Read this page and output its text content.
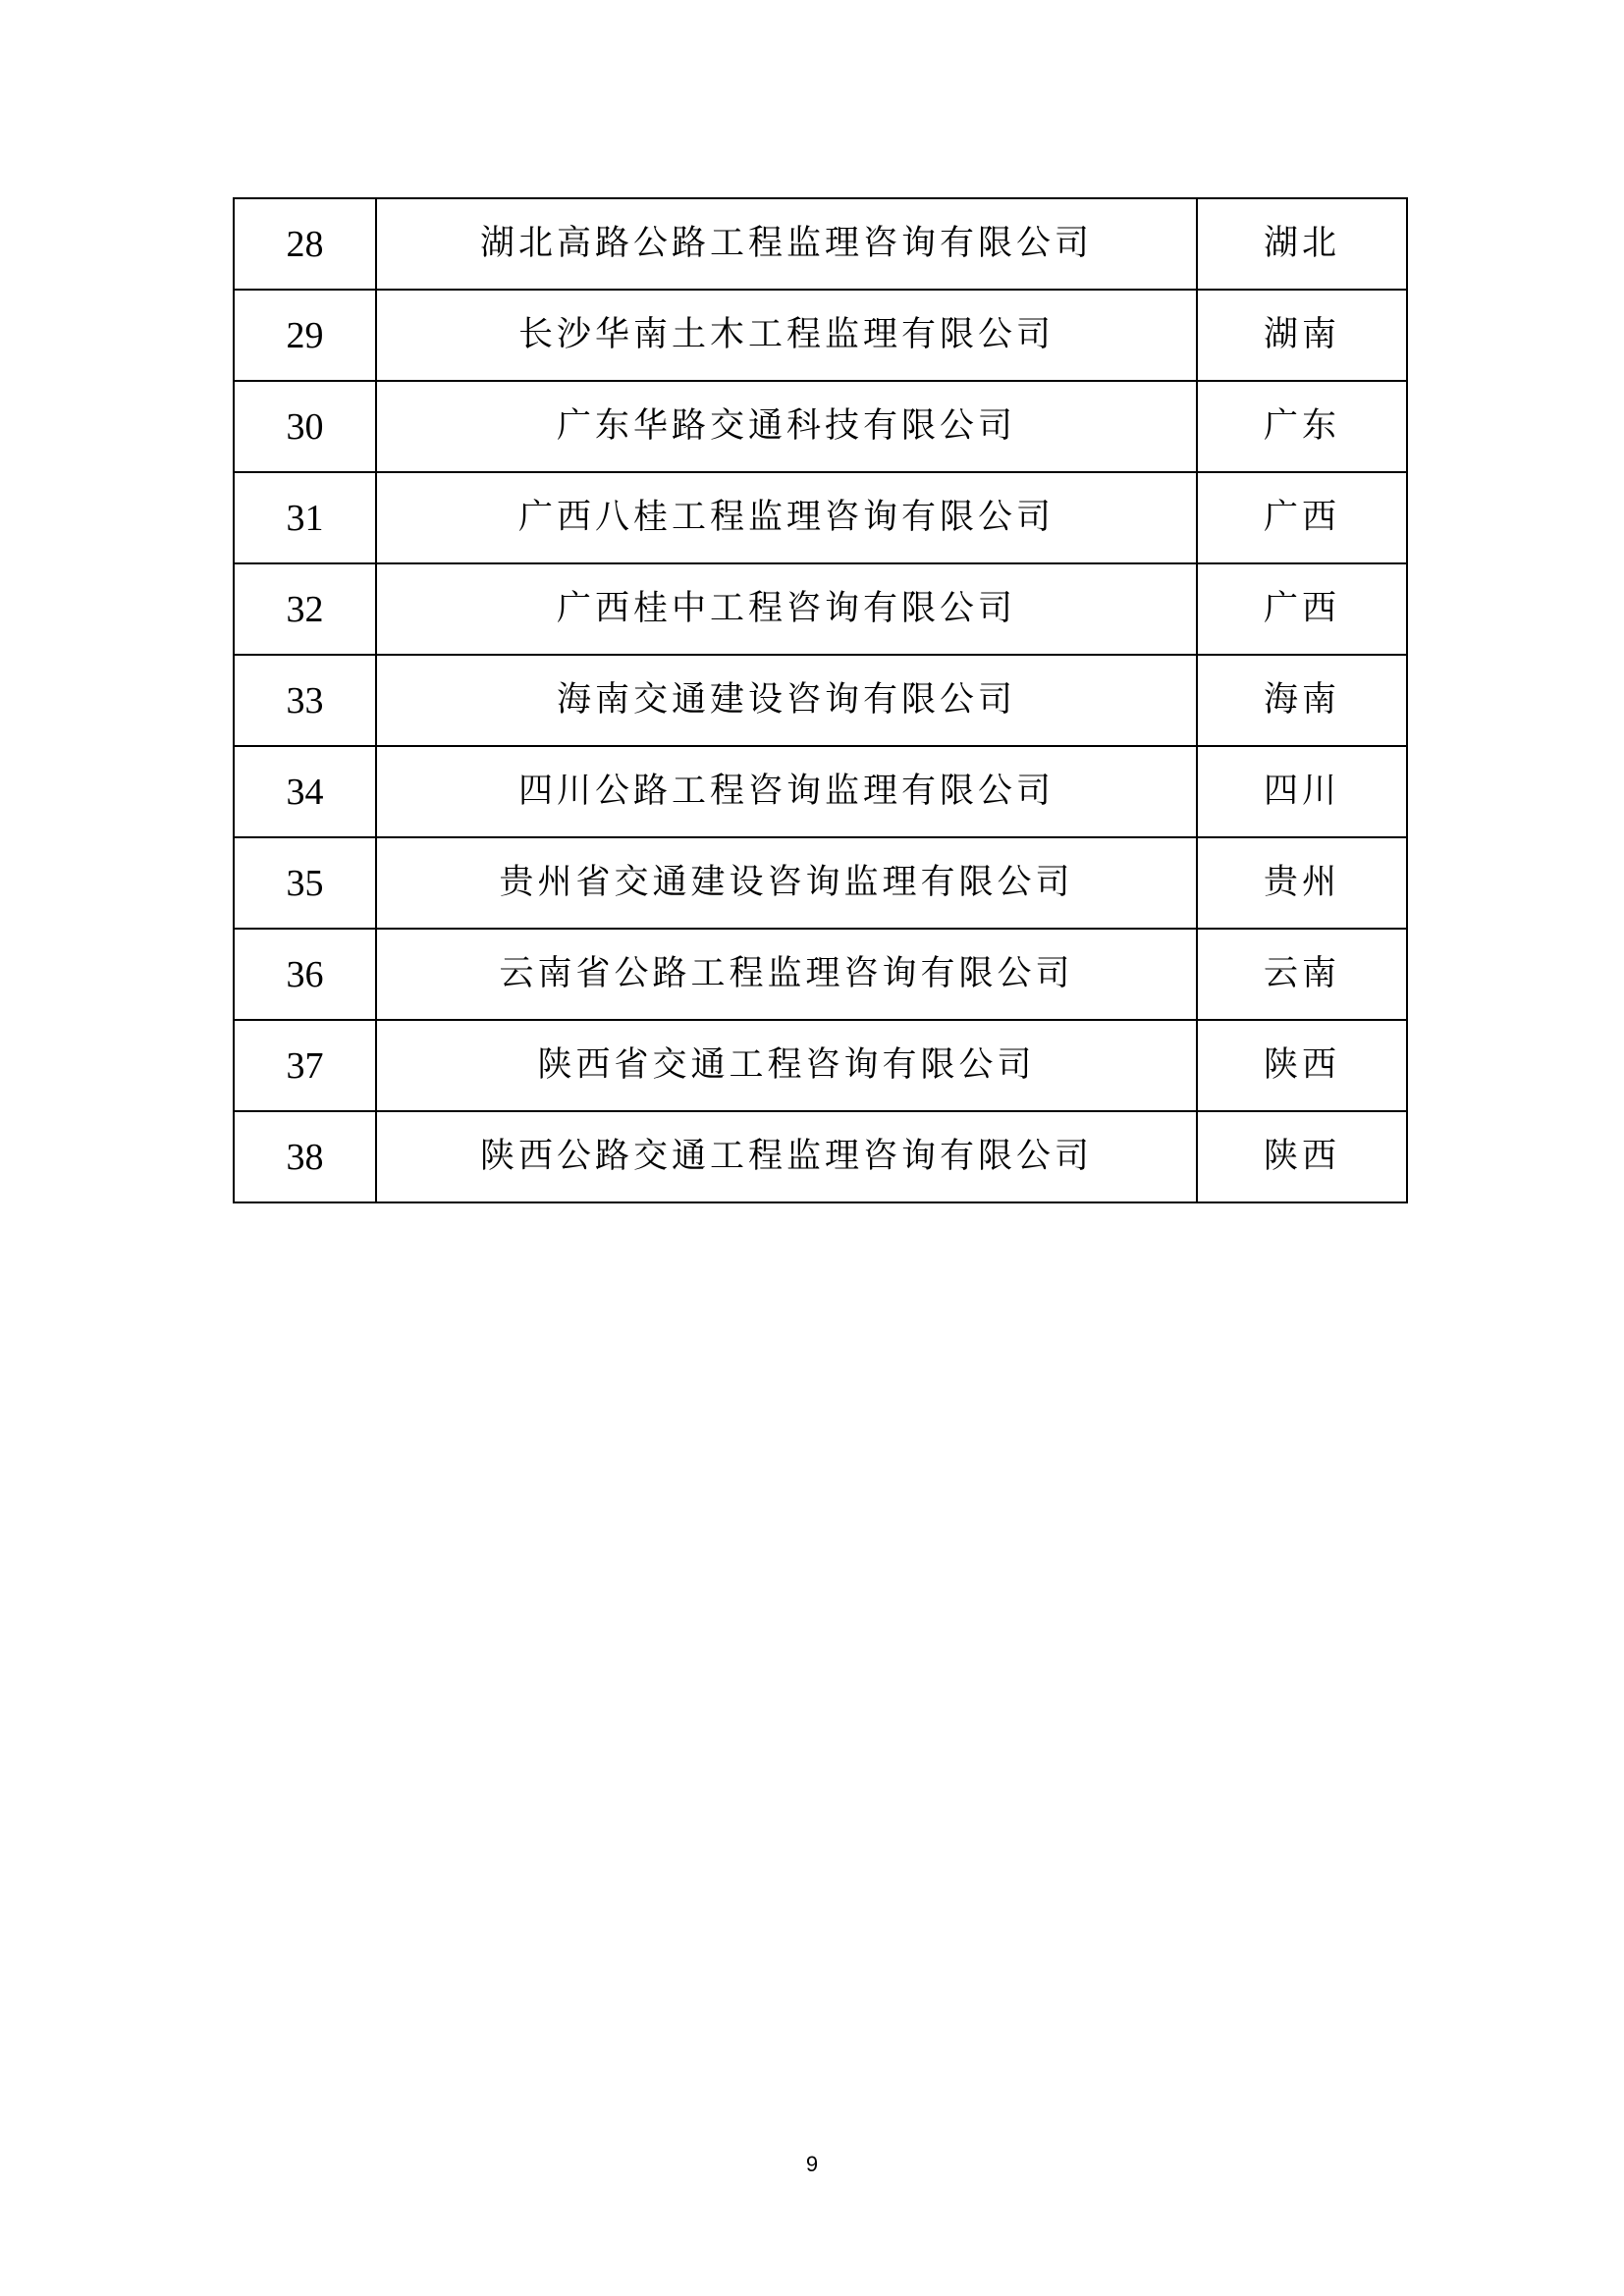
28	湖北高路公路工程监理咨询有限公司	湖北
29	长沙华南土木工程监理有限公司	湖南
30	广东华路交通科技有限公司	广东
31	广西八桂工程监理咨询有限公司	广西
32	广西桂中工程咨询有限公司	广西
33	海南交通建设咨询有限公司	海南
34	四川公路工程咨询监理有限公司	四川
35	贵州省交通建设咨询监理有限公司	贵州
36	云南省公路工程监理咨询有限公司	云南
37	陕西省交通工程咨询有限公司	陕西
38	陕西公路交通工程监理咨询有限公司	陕西
9
